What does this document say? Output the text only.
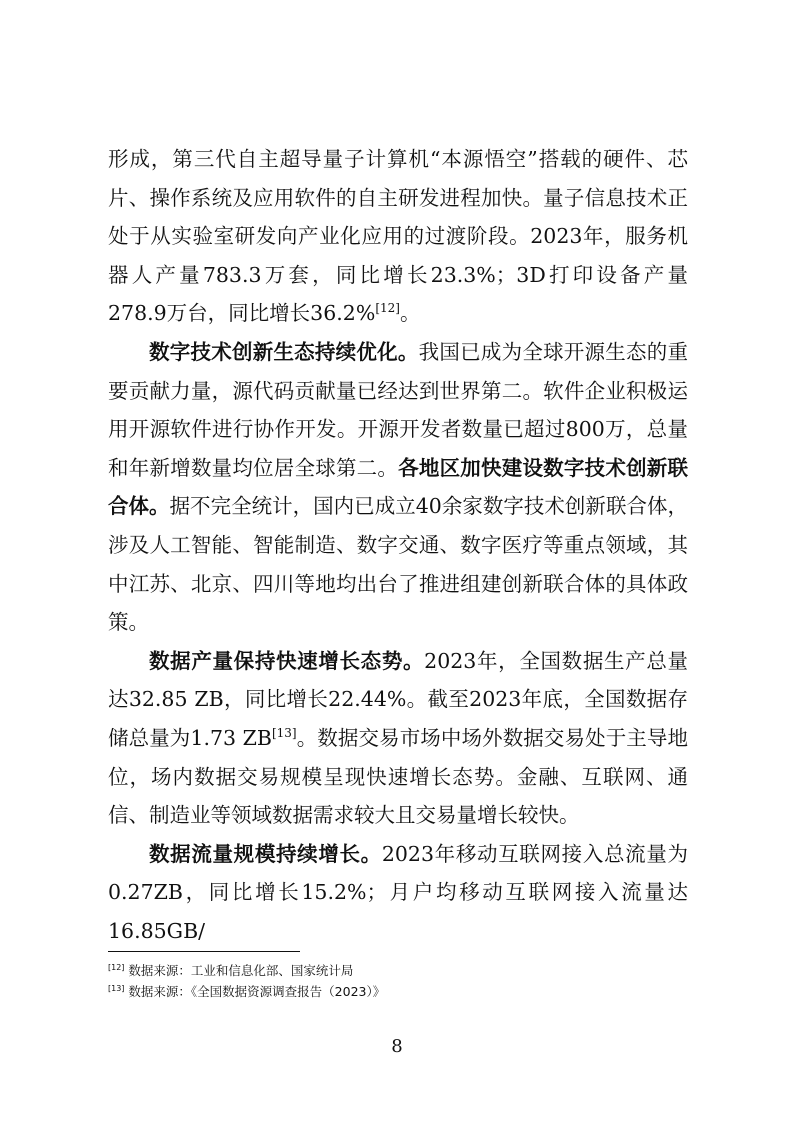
形成，第三代自主超导量子计算机“本源悟空”搭载的硬件、芯片、操作系统及应用软件的自主研发进程加快。量子信息技术正处于从实验室研发向产业化应用的过渡阶段。2023年，服务机器人产量783.3万套，同比增长23.3%；3D打印设备产量278.9万台，同比增长36.2%[12]。

数字技术创新生态持续优化。我国已成为全球开源生态的重要贡献力量，源代码贡献量已经达到世界第二。软件企业积极运用开源软件进行协作开发。开源开发者数量已超过800万，总量和年新增数量均位居全球第二。各地区加快建设数字技术创新联合体。据不完全统计，国内已成立40余家数字技术创新联合体，涉及人工智能、智能制造、数字交通、数字医疗等重点领域，其中江苏、北京、四川等地均出台了推进组建创新联合体的具体政策。

数据产量保持快速增长态势。2023年，全国数据生产总量达32.85 ZB，同比增长22.44%。截至2023年底，全国数据存储总量为1.73 ZB[13]。数据交易市场中场外数据交易处于主导地位，场内数据交易规模呈现快速增长态势。金融、互联网、通信、制造业等领域数据需求较大且交易量增长较快。

数据流量规模持续增长。2023年移动互联网接入总流量为0.27ZB，同比增长15.2%；月户均移动互联网接入流量达16.85GB/

[12] 数据来源：工业和信息化部、国家统计局
[13] 数据来源：《全国数据资源调查报告（2023）》
8
